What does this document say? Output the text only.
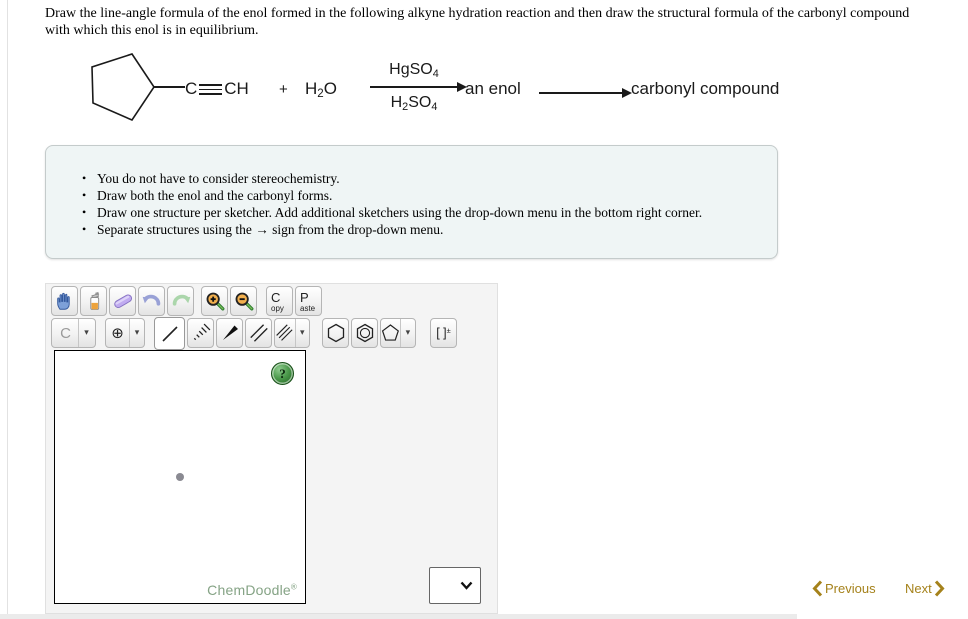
Draw the line-angle formula of the enol formed in the following alkyne hydration reaction and then draw the structural formula of the carbonyl compound with which this enol is in equilibrium.
C CH + $H_2O$
HgSO$_4$
$H_2SO_4$
an enol	carbonyl compound
• You do not have to consider stereochemistry.
• Draw both the enol and the carbonyl forms.
• Draw one structure per sketcher. Add additional sketchers using the drop-down menu in the bottom right corner.
• Separate structures using the → sign from the drop-down menu.
C
opy
P
aste
C	▾	⊕	▾	▾	▾	[ ]±
?
ChemDoodle®	Previous Next
